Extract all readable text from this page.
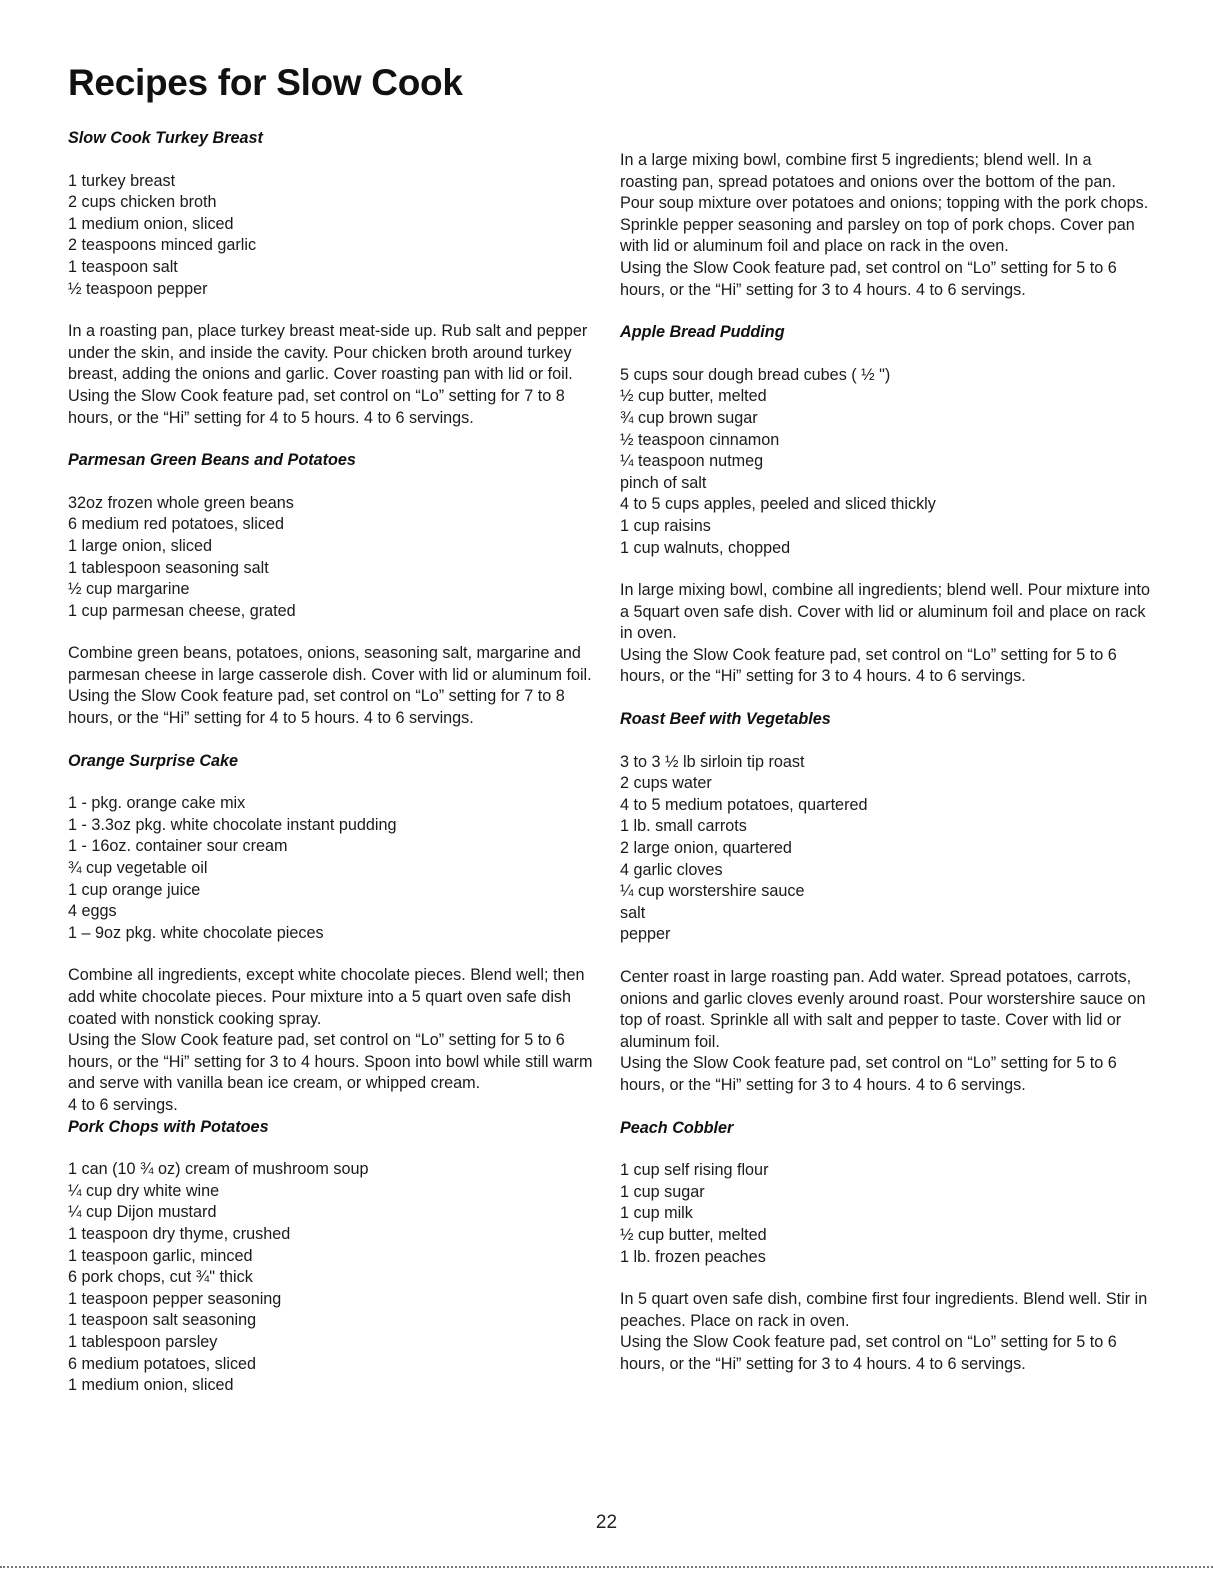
Recipes for Slow Cook
Slow Cook Turkey Breast
1 turkey breast
2 cups chicken broth
1 medium onion, sliced
2 teaspoons minced garlic
1 teaspoon salt
½ teaspoon pepper

In a roasting pan, place turkey breast meat-side up. Rub salt and pepper under the skin, and inside the cavity. Pour chicken broth around turkey breast, adding the onions and garlic. Cover roasting pan with lid or foil. Using the Slow Cook feature pad, set control on “Lo” setting for 7 to 8 hours, or the “Hi” setting for 4 to 5 hours. 4 to 6 servings.

Parmesan Green Beans and Potatoes
32oz frozen whole green beans
6 medium red potatoes, sliced
1 large onion, sliced
1 tablespoon seasoning salt
½ cup margarine
1 cup parmesan cheese, grated

Combine green beans, potatoes, onions, seasoning salt, margarine and parmesan cheese in large casserole dish. Cover with lid or aluminum foil.

Using the Slow Cook feature pad, set control on “Lo” setting for 7 to 8 hours, or the “Hi” setting for 4 to 5 hours. 4 to 6 servings.

Orange Surprise Cake
1 - pkg. orange cake mix
1 - 3.3oz pkg. white chocolate instant pudding
1 - 16oz. container sour cream
¾ cup vegetable oil
1 cup orange juice
4 eggs
1 – 9oz pkg. white chocolate pieces

Combine all ingredients, except white chocolate pieces. Blend well; then add white chocolate pieces. Pour mixture into a 5 quart oven safe dish coated with nonstick cooking spray.

Using the Slow Cook feature pad, set control on “Lo” setting for 5 to 6 hours, or the “Hi” setting for 3 to 4 hours. Spoon into bowl while still warm and serve with vanilla bean ice cream, or whipped cream.

4 to 6 servings.

Pork Chops with Potatoes
1 can (10 ¾ oz) cream of mushroom soup
¼ cup dry white wine
¼ cup Dijon mustard
1 teaspoon dry thyme, crushed
1 teaspoon garlic, minced
6 pork chops, cut ¾" thick
1 teaspoon pepper seasoning
1 teaspoon salt seasoning
1 tablespoon parsley
6 medium potatoes, sliced
1 medium onion, sliced

In a large mixing bowl, combine first 5 ingredients; blend well. In a roasting pan, spread potatoes and onions over the bottom of the pan. Pour soup mixture over potatoes and onions; topping with the pork chops. Sprinkle pepper seasoning and parsley on top of pork chops. Cover pan with lid or aluminum foil and place on rack in the oven.

Using the Slow Cook feature pad, set control on “Lo” setting for 5 to 6 hours, or the “Hi” setting for 3 to 4 hours. 4 to 6 servings.

Apple Bread Pudding
5 cups sour dough bread cubes ( ½ ")
½ cup butter, melted
¾ cup brown sugar
½ teaspoon cinnamon
¼ teaspoon nutmeg
pinch of salt
4 to 5 cups apples, peeled and sliced thickly
1 cup raisins
1 cup walnuts, chopped

In large mixing bowl, combine all ingredients; blend well. Pour mixture into a 5quart oven safe dish. Cover with lid or aluminum foil and place on rack in oven.

Using the Slow Cook feature pad, set control on “Lo” setting for 5 to 6 hours, or the “Hi” setting for 3 to 4 hours. 4 to 6 servings.

Roast Beef with Vegetables
3 to 3 ½ lb sirloin tip roast
2 cups water
4 to 5 medium potatoes, quartered
1 lb. small carrots
2 large onion, quartered
4 garlic cloves
¼ cup worstershire sauce
salt
pepper

Center roast in large roasting pan. Add water. Spread potatoes, carrots, onions and garlic cloves evenly around roast. Pour worstershire sauce on top of roast. Sprinkle all with salt and pepper to taste. Cover with lid or aluminum foil.

Using the Slow Cook feature pad, set control on “Lo” setting for 5 to 6 hours, or the “Hi” setting for 3 to 4 hours. 4 to 6 servings.

Peach Cobbler
1 cup self rising flour
1 cup sugar
1 cup milk
½ cup butter, melted
1 lb. frozen peaches

In 5 quart oven safe dish, combine first four ingredients. Blend well. Stir in peaches. Place on rack in oven.

Using the Slow Cook feature pad, set control on “Lo” setting for 5 to 6 hours, or the “Hi” setting for 3 to 4 hours. 4 to 6 servings.

22
